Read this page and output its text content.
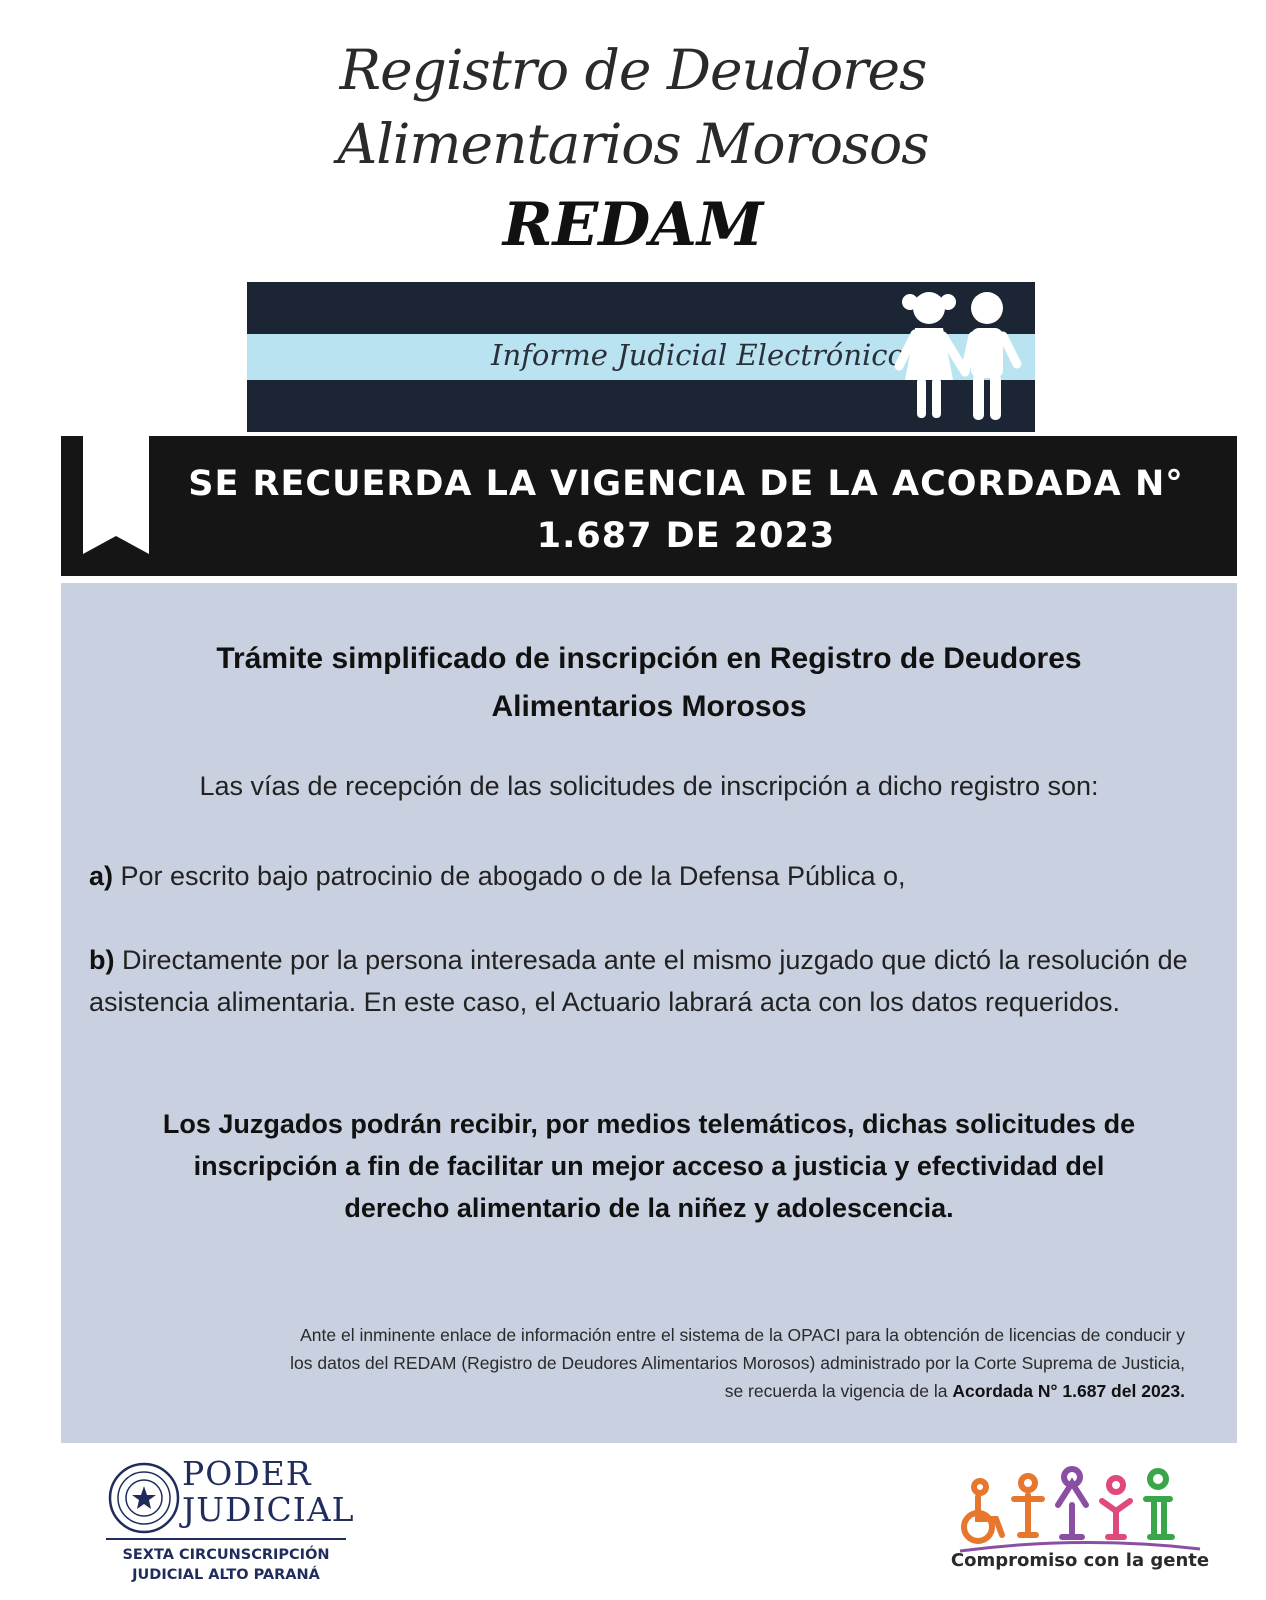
Registro de Deudores
Alimentarios Morosos
REDAM
Informe Judicial Electrónico
SE RECUERDA LA VIGENCIA DE LA ACORDADA N°
1.687 DE 2023
Trámite simplificado de inscripción en Registro de Deudores
Alimentarios Morosos
Las vías de recepción de las solicitudes de inscripción a dicho registro son:
a) Por escrito bajo patrocinio de abogado o de la Defensa Pública o,
b) Directamente por la persona interesada ante el mismo juzgado que dictó la resolución de asistencia alimentaria. En este caso, el Actuario labrará acta con los datos requeridos.
Los Juzgados podrán recibir, por medios telemáticos, dichas solicitudes de
inscripción a fin de facilitar un mejor acceso a justicia y efectividad del
derecho alimentario de la niñez y adolescencia.
Ante el inminente enlace de información entre el sistema de la OPACI para la obtención de licencias de conducir y
los datos del REDAM (Registro de Deudores Alimentarios Morosos) administrado por la Corte Suprema de Justicia,
se recuerda la vigencia de la Acordada N° 1.687 del 2023.
PODER
JUDICIAL
SEXTA CIRCUNSCRIPCIÓN
JUDICIAL ALTO PARANÁ
Compromiso con la gente
